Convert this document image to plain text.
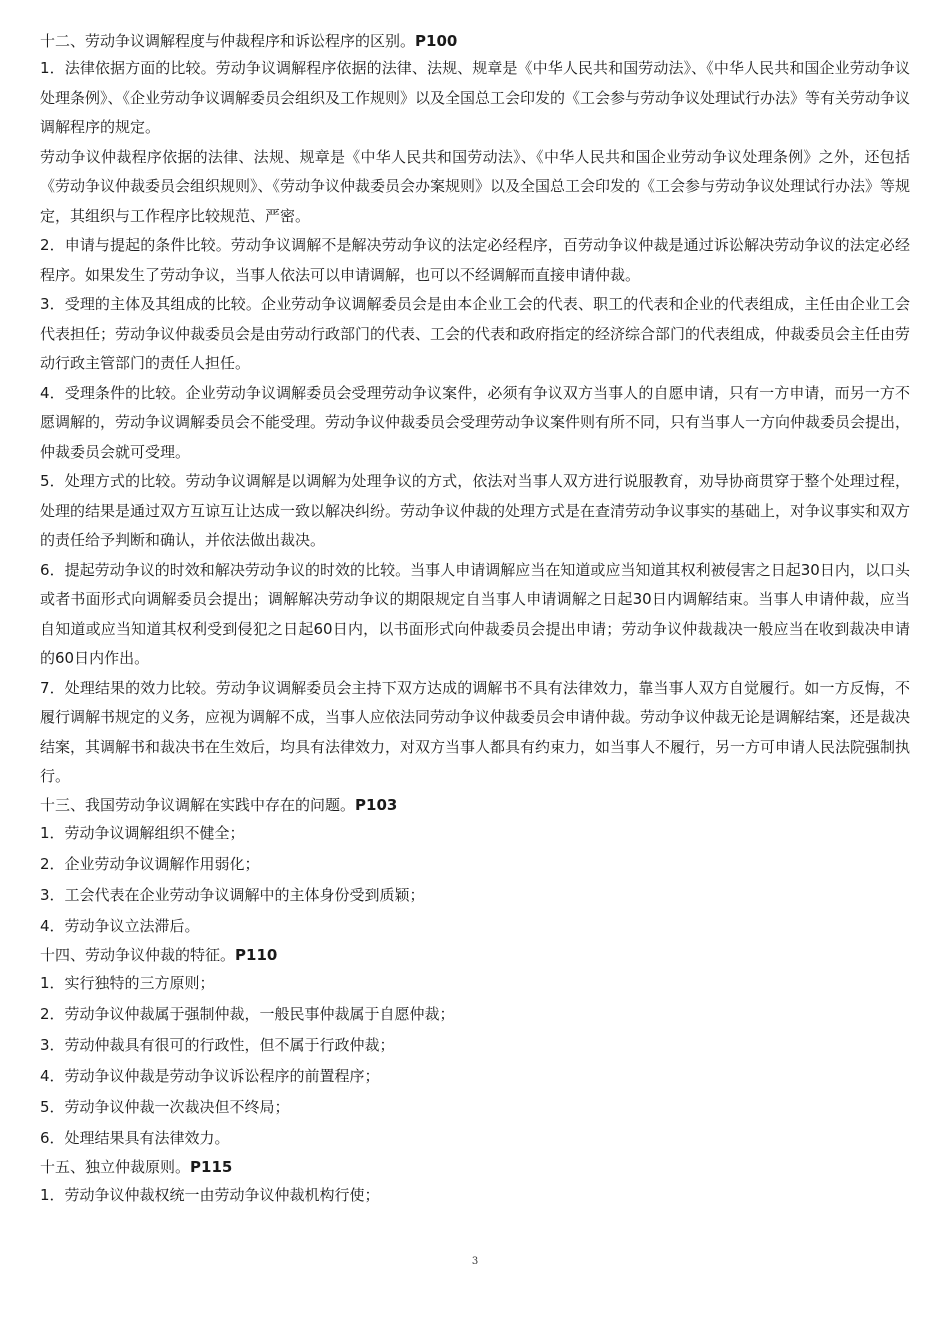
十二、劳动争议调解程度与仲裁程序和诉讼程序的区别。P100

1．法律依据方面的比较。劳动争议调解程序依据的法律、法规、规章是《中华人民共和国劳动法》、《中华人民共和国企业劳动争议处理条例》、《企业劳动争议调解委员会组织及工作规则》以及全国总工会印发的《工会参与劳动争议处理试行办法》等有关劳动争议调解程序的规定。

劳动争议仲裁程序依据的法律、法规、规章是《中华人民共和国劳动法》、《中华人民共和国企业劳动争议处理条例》之外，还包括《劳动争议仲裁委员会组织规则》、《劳动争议仲裁委员会办案规则》以及全国总工会印发的《工会参与劳动争议处理试行办法》等规定，其组织与工作程序比较规范、严密。

2．申请与提起的条件比较。劳动争议调解不是解决劳动争议的法定必经程序，百劳动争议仲裁是通过诉讼解决劳动争议的法定必经程序。如果发生了劳动争议，当事人依法可以申请调解，也可以不经调解而直接申请仲裁。

3．受理的主体及其组成的比较。企业劳动争议调解委员会是由本企业工会的代表、职工的代表和企业的代表组成，主任由企业工会代表担任；劳动争议仲裁委员会是由劳动行政部门的代表、工会的代表和政府指定的经济综合部门的代表组成，仲裁委员会主任由劳动行政主管部门的责任人担任。

4．受理条件的比较。企业劳动争议调解委员会受理劳动争议案件，必须有争议双方当事人的自愿申请，只有一方申请，而另一方不愿调解的，劳动争议调解委员会不能受理。劳动争议仲裁委员会受理劳动争议案件则有所不同，只有当事人一方向仲裁委员会提出，仲裁委员会就可受理。

5．处理方式的比较。劳动争议调解是以调解为处理争议的方式，依法对当事人双方进行说服教育，劝导协商贯穿于整个处理过程，处理的结果是通过双方互谅互让达成一致以解决纠纷。劳动争议仲裁的处理方式是在查清劳动争议事实的基础上，对争议事实和双方的责任给予判断和确认，并依法做出裁决。

6．提起劳动争议的时效和解决劳动争议的时效的比较。当事人申请调解应当在知道或应当知道其权利被侵害之日起30日内，以口头或者书面形式向调解委员会提出；调解解决劳动争议的期限规定自当事人申请调解之日起30日内调解结束。当事人申请仲裁，应当自知道或应当知道其权利受到侵犯之日起60日内，以书面形式向仲裁委员会提出申请；劳动争议仲裁裁决一般应当在收到裁决申请的60日内作出。

7．处理结果的效力比较。劳动争议调解委员会主持下双方达成的调解书不具有法律效力，靠当事人双方自觉履行。如一方反悔，不履行调解书规定的义务，应视为调解不成，当事人应依法同劳动争议仲裁委员会申请仲裁。劳动争议仲裁无论是调解结案，还是裁决结案，其调解书和裁决书在生效后，均具有法律效力，对双方当事人都具有约束力，如当事人不履行，另一方可申请人民法院强制执行。

十三、我国劳动争议调解在实践中存在的问题。P103

1．劳动争议调解组织不健全；

2．企业劳动争议调解作用弱化；

3．工会代表在企业劳动争议调解中的主体身份受到质颖；

4．劳动争议立法滞后。

十四、劳动争议仲裁的特征。P110

1．实行独特的三方原则；

2．劳动争议仲裁属于强制仲裁，一般民事仲裁属于自愿仲裁；

3．劳动仲裁具有很可的行政性，但不属于行政仲裁；

4．劳动争议仲裁是劳动争议诉讼程序的前置程序；

5．劳动争议仲裁一次裁决但不终局；

6．处理结果具有法律效力。

十五、独立仲裁原则。P115

1．劳动争议仲裁权统一由劳动争议仲裁机构行使；

3
